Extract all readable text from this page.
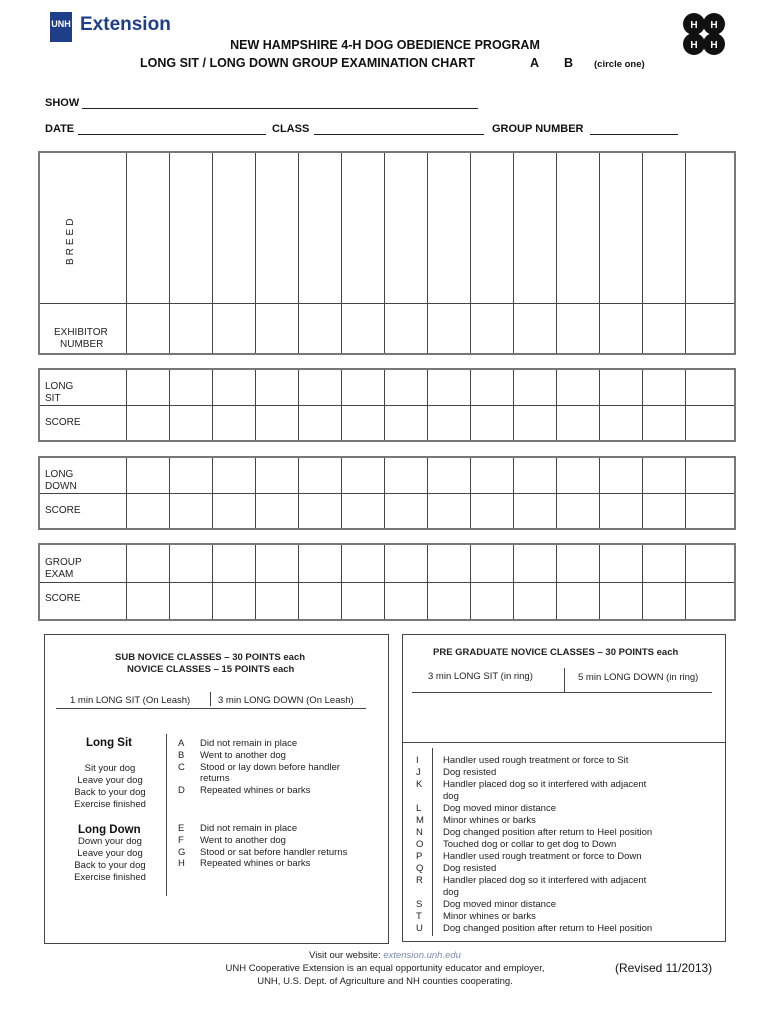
UNH Extension	H H
H H
NEW HAMPSHIRE 4-H DOG OBEDIENCE PROGRAM
LONG SIT / LONG DOWN GROUP EXAMINATION CHART	A B (circle one)
SHOW
DATE	CLASS	GROUP NUMBER
BREED
EXHIBITOR
NUMBER
LONG
SIT
SCORE
LONG
DOWN
SCORE
GROUP
EXAM
SCORE
SUB NOVICE CLASSES – 30 POINTS each
NOVICE CLASSES – 15 POINTS each
1 min LONG SIT (On Leash)	3 min LONG DOWN (On Leash)
Long Sit
Sit your dog
Leave your dog
Back to your dog
Exercise finished
Long Down
Down your dog
Leave your dog
Back to your dog
Exercise finished
A Did not remain in place
B Went to another dog
C Stood or lay down before handler
returns
D Repeated whines or barks
E Did not remain in place
F Went to another dog
G Stood or sat before handler returns
H Repeated whines or barks
PRE GRADUATE NOVICE CLASSES – 30 POINTS each
3 min LONG SIT (in ring)	5 min LONG DOWN (in ring)
I	Handler used rough treatment or force to Sit
J Dog resisted
K Handler placed dog so it interfered with adjacent
dog
L Dog moved minor distance
M Minor whines or barks
N Dog changed position after return to Heel position
O Touched dog or collar to get dog to Down
P Handler used rough treatment or force to Down
Q Dog resisted
R Handler placed dog so it interfered with adjacent
dog
S Dog moved minor distance
T Minor whines or barks
U Dog changed position after return to Heel position
Visit our website: extension.unh.edu
UNH Cooperative Extension is an equal opportunity educator and employer,
UNH, U.S. Dept. of Agriculture and NH counties cooperating.
(Revised 11/2013)
